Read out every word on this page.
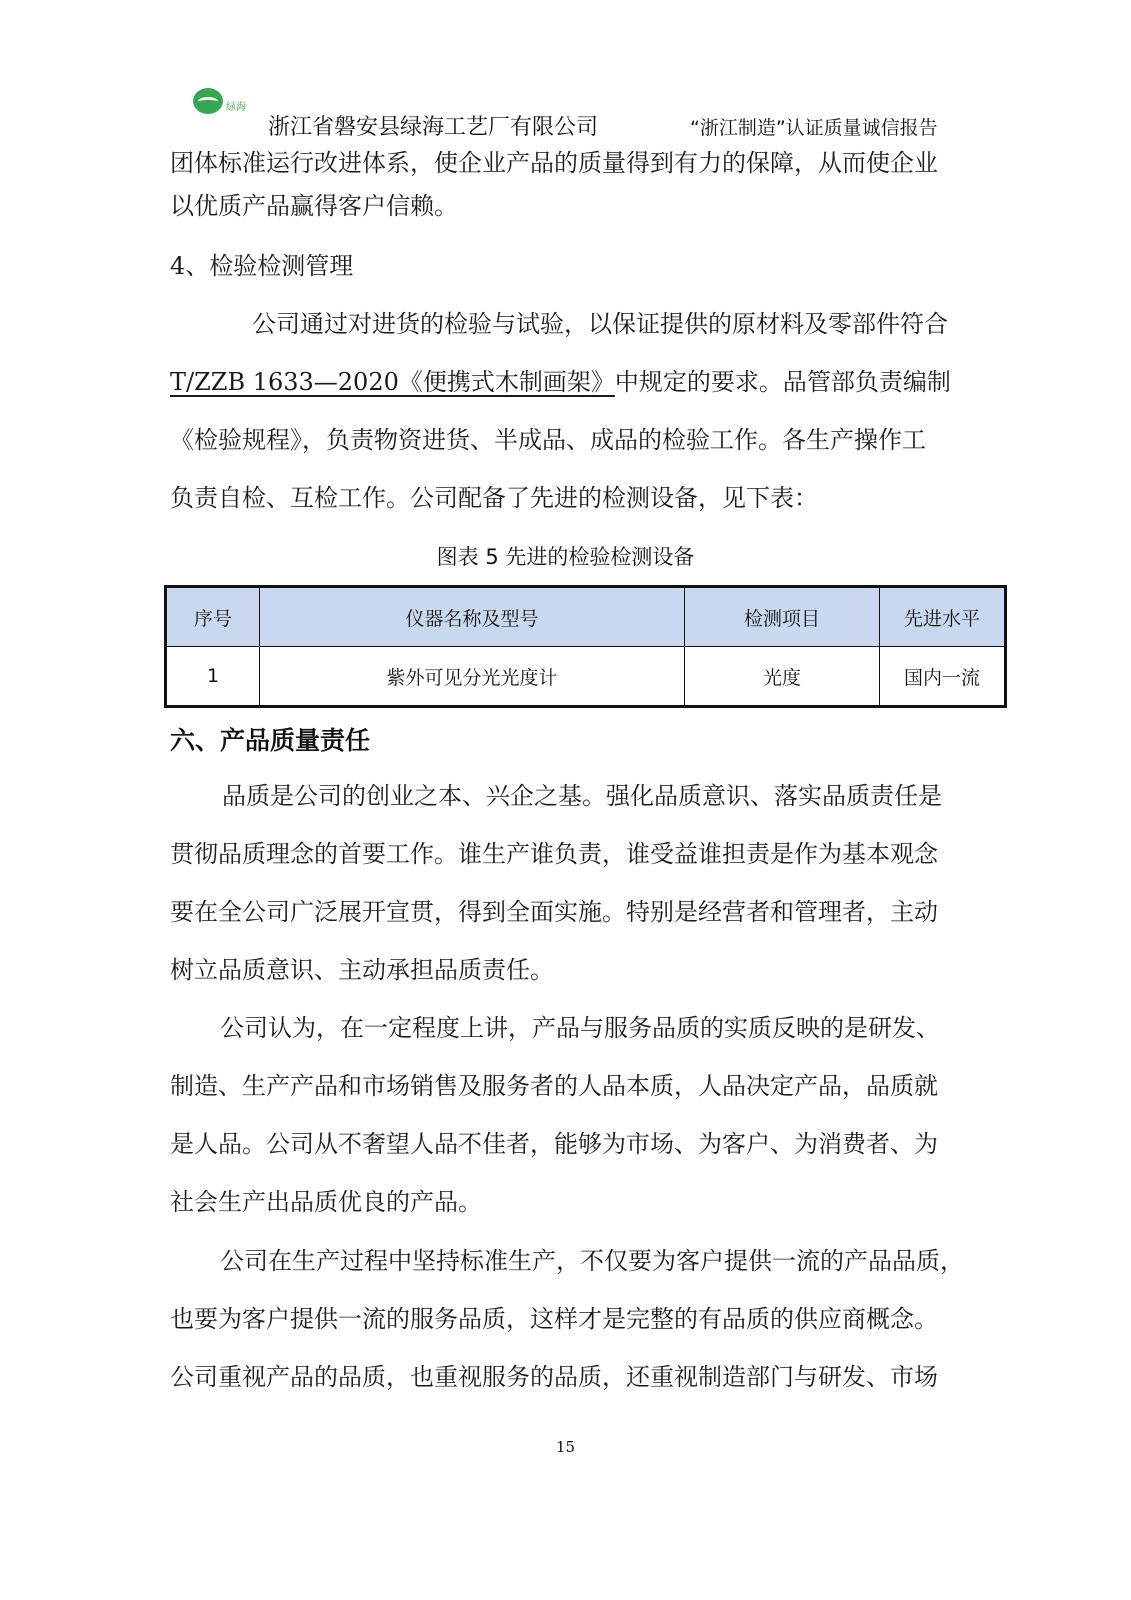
绿海
浙江省磐安县绿海工艺厂有限公司	“浙江制造”认证质量诚信报告
团体标准运行改进体系，使企业产品的质量得到有力的保障，从而使企业
以优质产品赢得客户信赖。
4、检验检测管理
公司通过对进货的检验与试验，以保证提供的原材料及零部件符合
T/ZZB 1633—2020《便携式木制画架》中规定的要求。品管部负责编制
《检验规程》，负责物资进货、半成品、成品的检验工作。各生产操作工
负责自检、互检工作。公司配备了先进的检测设备，见下表：
图表 5 先进的检验检测设备
序号	仪器名称及型号	检测项目	先进水平
1	紫外可见分光光度计	光度	国内一流
六、产品质量责任
品质是公司的创业之本、兴企之基。强化品质意识、落实品质责任是
贯彻品质理念的首要工作。谁生产谁负责，谁受益谁担责是作为基本观念
要在全公司广泛展开宣贯，得到全面实施。特别是经营者和管理者，主动
树立品质意识、主动承担品质责任。
公司认为，在一定程度上讲，产品与服务品质的实质反映的是研发、
制造、生产产品和市场销售及服务者的人品本质，人品决定产品，品质就
是人品。公司从不奢望人品不佳者，能够为市场、为客户、为消费者、为
社会生产出品质优良的产品。
公司在生产过程中坚持标准生产，不仅要为客户提供一流的产品品质，
也要为客户提供一流的服务品质，这样才是完整的有品质的供应商概念。
公司重视产品的品质，也重视服务的品质，还重视制造部门与研发、市场
15
